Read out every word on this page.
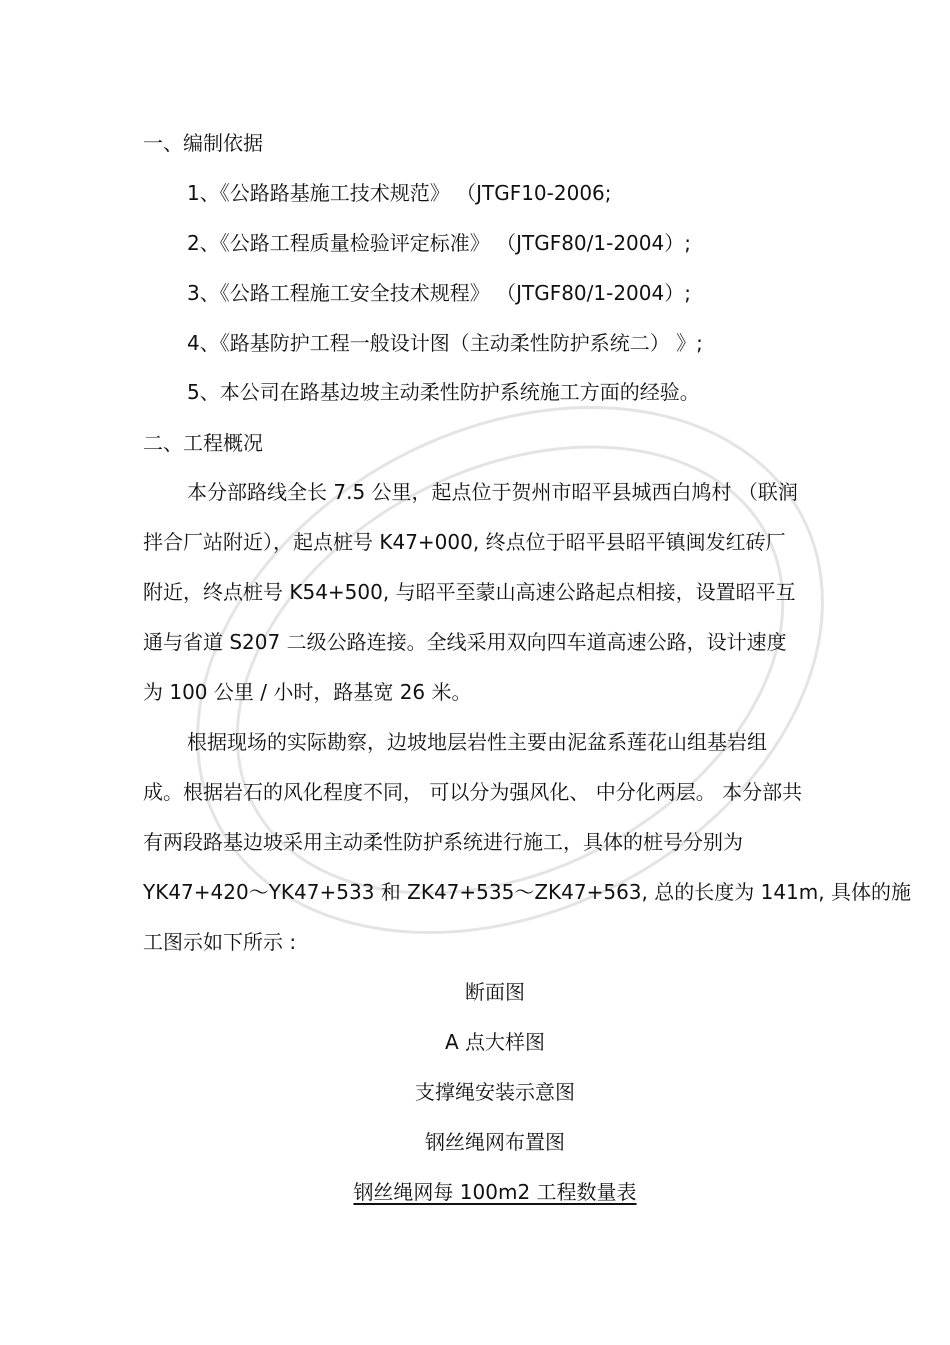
一、编制依据
1、《公路路基施工技术规范》 （JTGF10-2006;
2、《公路工程质量检验评定标准》 （JTGF80/1-2004）;
3、《公路工程施工安全技术规程》 （JTGF80/1-2004）;
4、《路基防护工程一般设计图（主动柔性防护系统二） 》;
5、本公司在路基边坡主动柔性防护系统施工方面的经验。
二、工程概况
本分部路线全长 7.5 公里，起点位于贺州市昭平县城西白鸠村 （联润
拌合厂站附近），起点桩号 K47+000, 终点位于昭平县昭平镇闽发红砖厂
附近，终点桩号 K54+500, 与昭平至蒙山高速公路起点相接，设置昭平互
通与省道 S207 二级公路连接。全线采用双向四车道高速公路，设计速度
为 100 公里 / 小时，路基宽 26 米。
根据现场的实际勘察，边坡地层岩性主要由泥盆系莲花山组基岩组
成。根据岩石的风化程度不同， 可以分为强风化、 中分化两层。 本分部共
有两段路基边坡采用主动柔性防护系统进行施工，具体的桩号分别为
YK47+420～YK47+533 和 ZK47+535～ZK47+563, 总的长度为 141m, 具体的施
工图示如下所示 :
断面图
A 点大样图
支撑绳安装示意图
钢丝绳网布置图
钢丝绳网每 100m2 工程数量表
